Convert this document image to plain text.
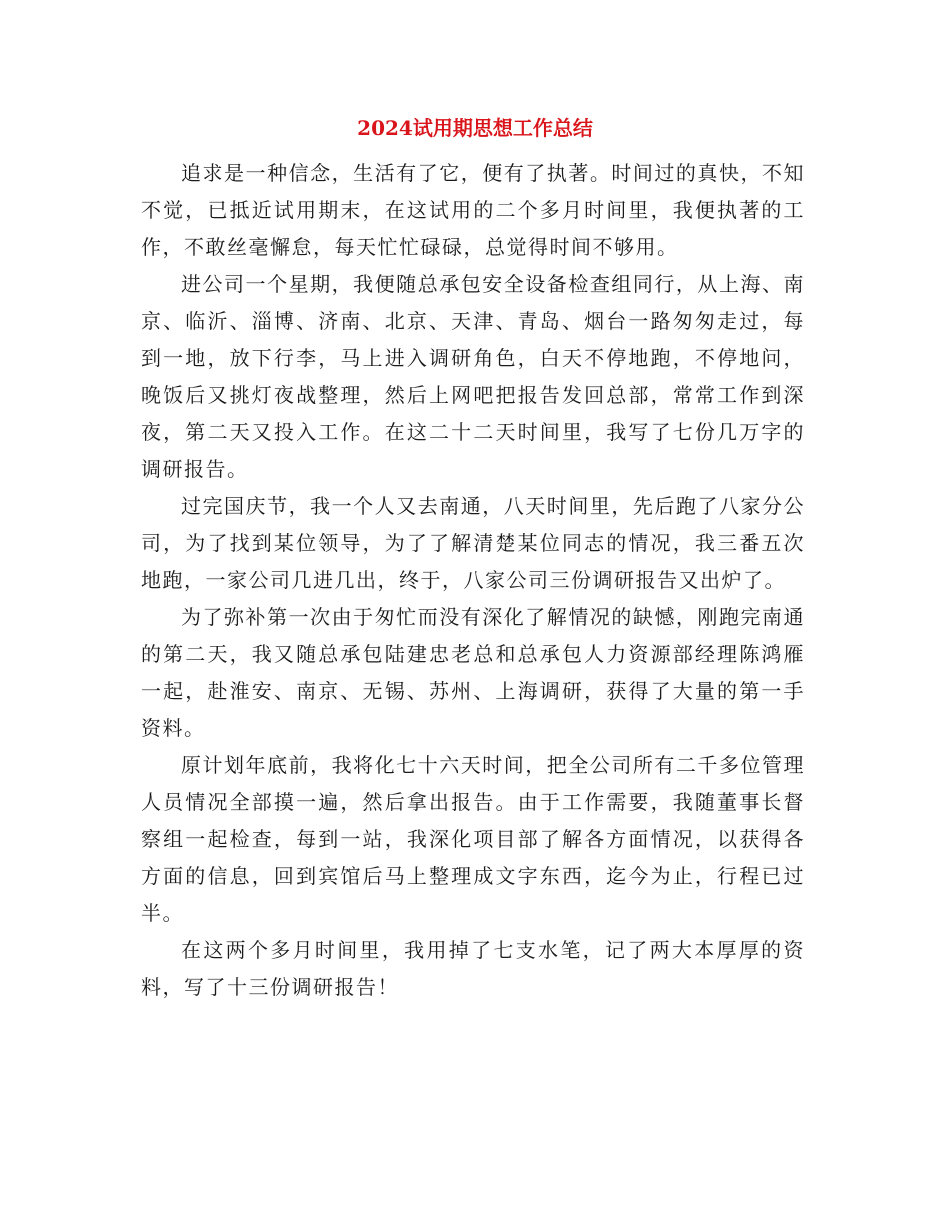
2024试用期思想工作总结

追求是一种信念，生活有了它，便有了执著。时间过的真快，不知不觉，已抵近试用期末，在这试用的二个多月时间里，我便执著的工作，不敢丝毫懈怠，每天忙忙碌碌，总觉得时间不够用。

进公司一个星期，我便随总承包安全设备检查组同行，从上海、南京、临沂、淄博、济南、北京、天津、青岛、烟台一路匆匆走过，每到一地，放下行李，马上进入调研角色，白天不停地跑，不停地问，晚饭后又挑灯夜战整理，然后上网吧把报告发回总部，常常工作到深夜，第二天又投入工作。在这二十二天时间里，我写了七份几万字的调研报告。

过完国庆节，我一个人又去南通，八天时间里，先后跑了八家分公司，为了找到某位领导，为了了解清楚某位同志的情况，我三番五次地跑，一家公司几进几出，终于，八家公司三份调研报告又出炉了。

为了弥补第一次由于匆忙而没有深化了解情况的缺憾，刚跑完南通的第二天，我又随总承包陆建忠老总和总承包人力资源部经理陈鸿雁一起，赴淮安、南京、无锡、苏州、上海调研，获得了大量的第一手资料。

原计划年底前，我将化七十六天时间，把全公司所有二千多位管理人员情况全部摸一遍，然后拿出报告。由于工作需要，我随董事长督察组一起检查，每到一站，我深化项目部了解各方面情况，以获得各方面的信息，回到宾馆后马上整理成文字东西，迄今为止，行程已过半。

在这两个多月时间里，我用掉了七支水笔，记了两大本厚厚的资料，写了十三份调研报告！
